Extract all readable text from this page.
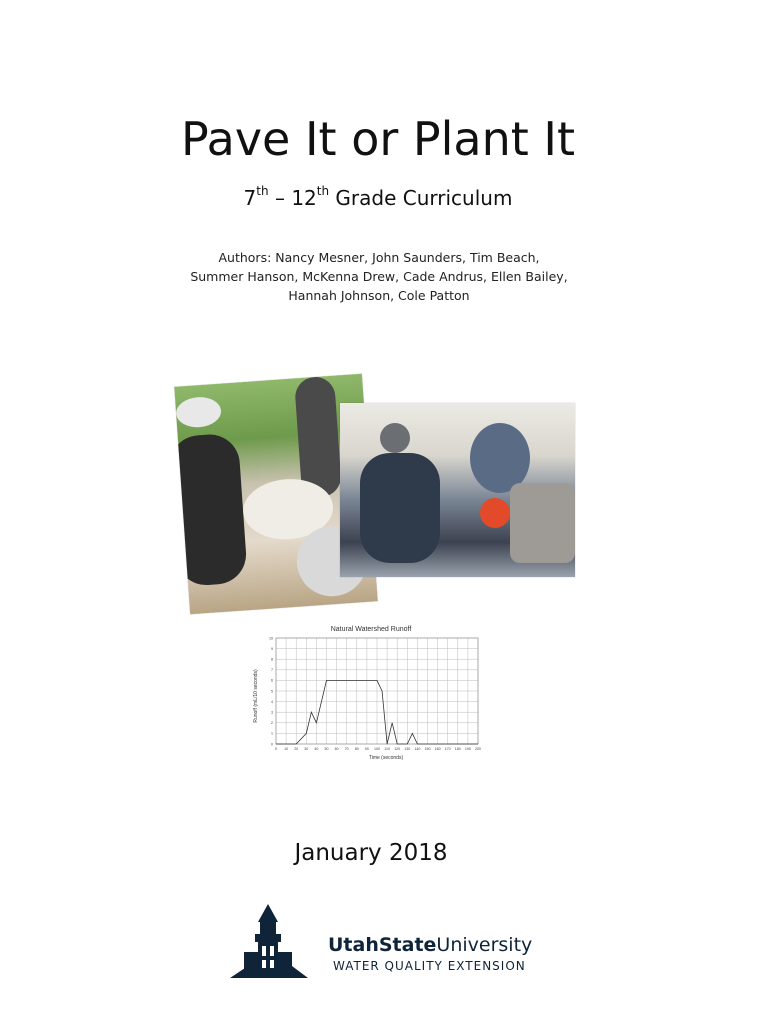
Pave It or Plant It
7th – 12th Grade Curriculum
Authors: Nancy Mesner, John Saunders, Tim Beach, Summer Hanson, McKenna Drew, Cade Andrus, Ellen Bailey, Hannah Johnson, Cole Patton
Natural Watershed Runoff
Runoff (mL/10 seconds)
Time (seconds)
0 10 20 30 40 50 60 70 80 90 100 110 120 130 140 150 160 170 180 190 200
0
1
2
3
4
5
6
7
8
9
10
January 2018
UtahStateUniversity
WATER QUALITY EXTENSION
